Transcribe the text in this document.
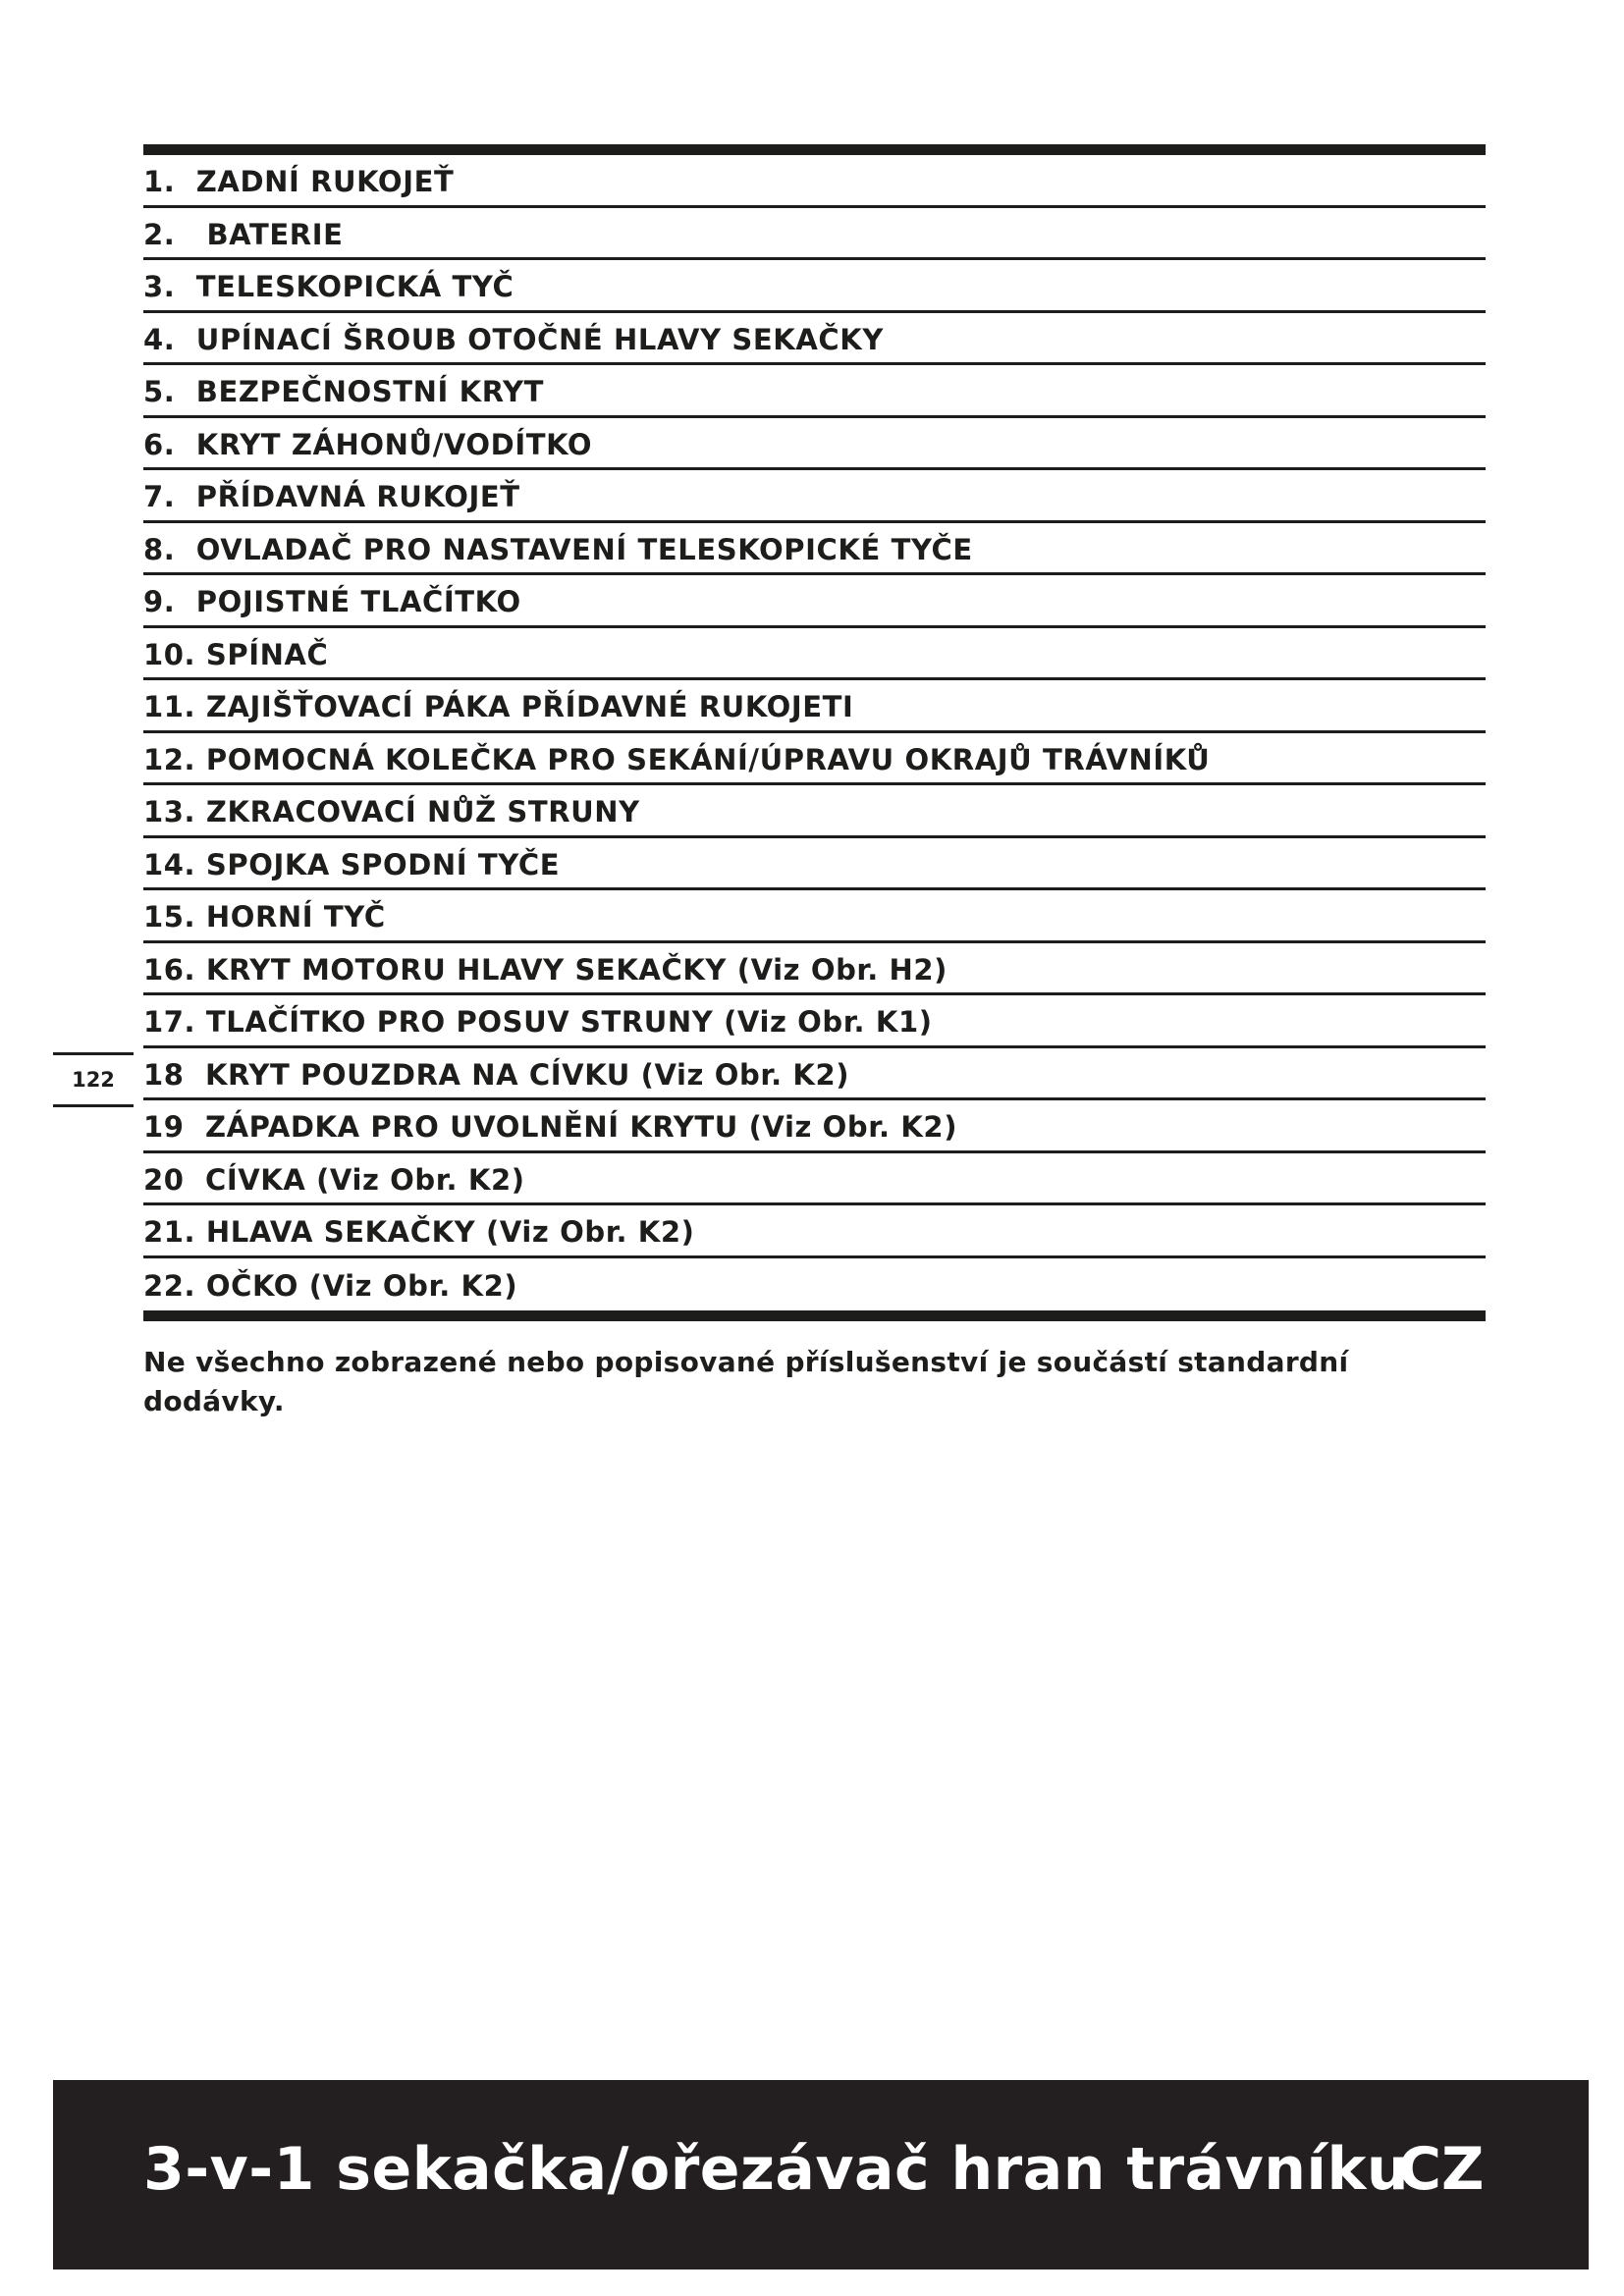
1.  ZADNÍ RUKOJEŤ
2.   BATERIE
3.  TELESKOPICKÁ TYČ
4.  UPÍNACÍ ŠROUB OTOČNÉ HLAVY SEKAČKY
5.  BEZPEČNOSTNÍ KRYT
6.  KRYT ZÁHONŮ/VODÍTKO
7.  PŘÍDAVNÁ RUKOJEŤ
8.  OVLADAČ PRO NASTAVENÍ TELESKOPICKÉ TYČE
9.  POJISTNÉ TLAČÍTKO
10. SPÍNAČ
11. ZAJIŠŤOVACÍ PÁKA PŘÍDAVNÉ RUKOJETI
12. POMOCNÁ KOLEČKA PRO SEKÁNÍ/ÚPRAVU OKRAJŮ TRÁVNÍKŮ
13. ZKRACOVACÍ NŮŽ STRUNY
14. SPOJKA SPODNÍ TYČE
15. HORNÍ TYČ
16. KRYT MOTORU HLAVY SEKAČKY (Viz Obr. H2)
17. TLAČÍTKO PRO POSUV STRUNY (Viz Obr. K1)
18  KRYT POUZDRA NA CÍVKU (Viz Obr. K2)
19  ZÁPADKA PRO UVOLNĚNÍ KRYTU (Viz Obr. K2)
20  CÍVKA (Viz Obr. K2)
21. HLAVA SEKAČKY (Viz Obr. K2)
22. OČKO (Viz Obr. K2)

Ne všechno zobrazené nebo popisované příslušenství je součástí standardní dodávky.

122

3-v-1 sekačka/ořezávač hran trávníku

CZ
